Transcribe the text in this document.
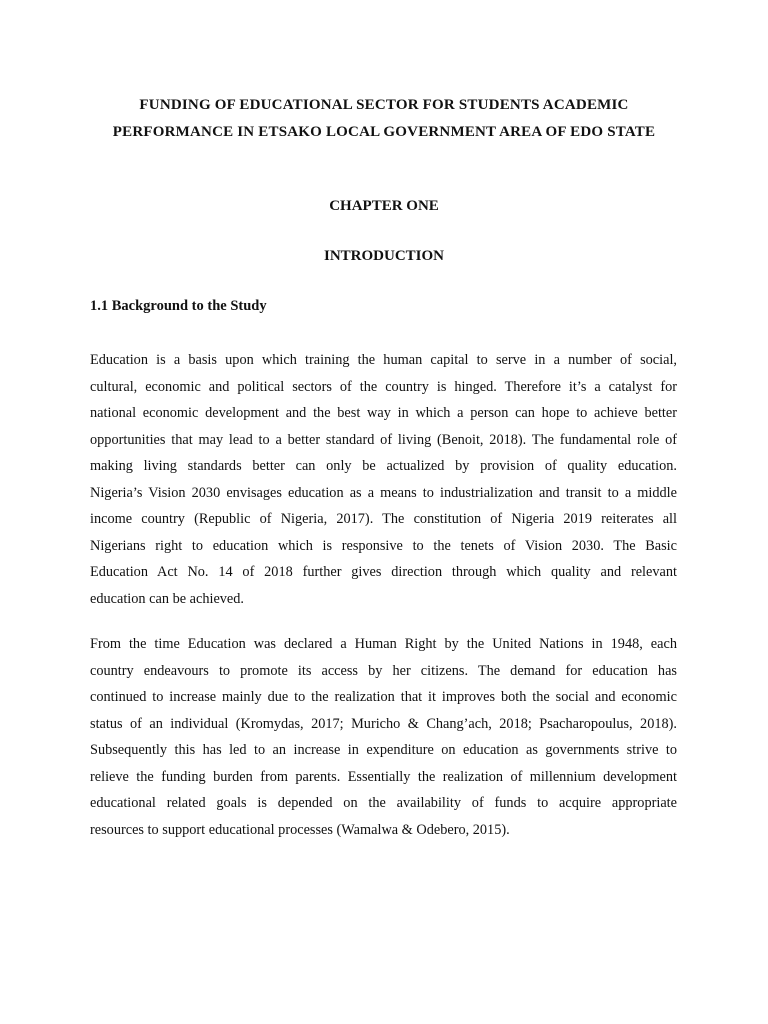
FUNDING OF EDUCATIONAL SECTOR FOR STUDENTS ACADEMIC
PERFORMANCE IN ETSAKO LOCAL GOVERNMENT AREA OF EDO STATE
CHAPTER ONE
INTRODUCTION
1.1 Background to the Study
Education is a basis upon which training the human capital to serve in a number of social,
cultural, economic and political sectors of the country is hinged. Therefore it’s a catalyst for
national economic development and the best way in which a person can hope to achieve better
opportunities that may lead to a better standard of living (Benoit, 2018). The fundamental role of
making living standards better can only be actualized by provision of quality education.
Nigeria’s Vision 2030 envisages education as a means to industrialization and transit to a middle
income country (Republic of Nigeria, 2017). The constitution of Nigeria 2019 reiterates all
Nigerians right to education which is responsive to the tenets of Vision 2030. The Basic
Education Act No. 14 of 2018 further gives direction through which quality and relevant
education can be achieved.
From the time Education was declared a Human Right by the United Nations in 1948, each
country endeavours to promote its access by her citizens. The demand for education has
continued to increase mainly due to the realization that it improves both the social and economic
status of an individual (Kromydas, 2017; Muricho & Chang’ach, 2018; Psacharopoulus, 2018).
Subsequently this has led to an increase in expenditure on education as governments strive to
relieve the funding burden from parents. Essentially the realization of millennium development
educational related goals is depended on the availability of funds to acquire appropriate
resources to support educational processes (Wamalwa & Odebero, 2015).
